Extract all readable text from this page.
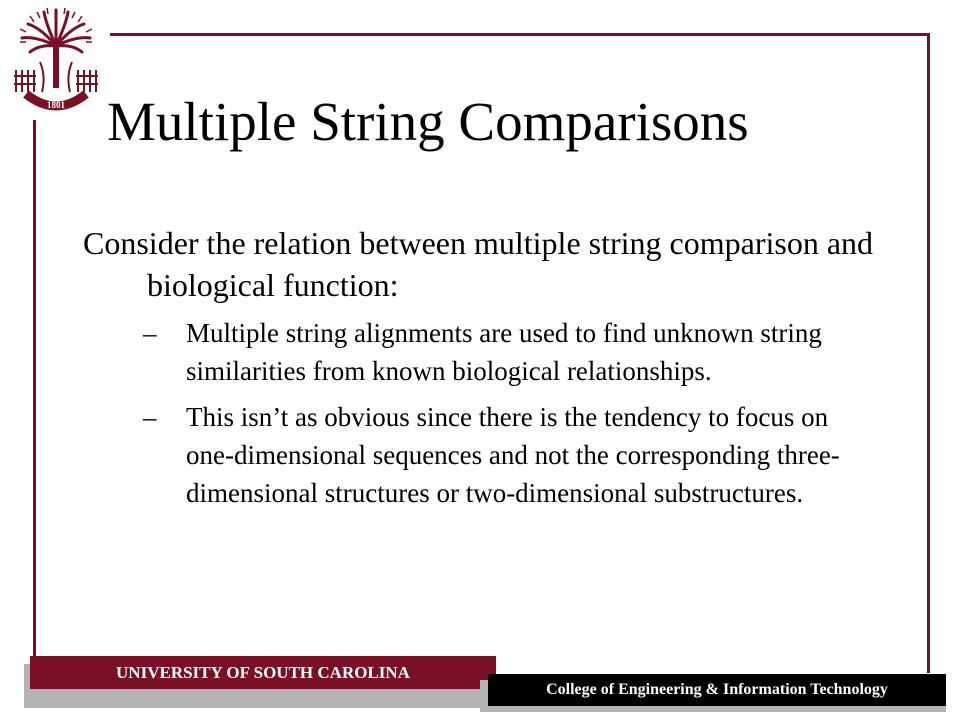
1801 Multiple String Comparisons

Consider the relation between multiple string comparison and biological function:

– Multiple string alignments are used to find unknown string similarities from known biological relationships.
– This isn’t as obvious since there is the tendency to focus on one-dimensional sequences and not the corresponding three-dimensional structures or two-dimensional substructures.
UNIVERSITY OF SOUTH CAROLINA
College of Engineering & Information Technology
